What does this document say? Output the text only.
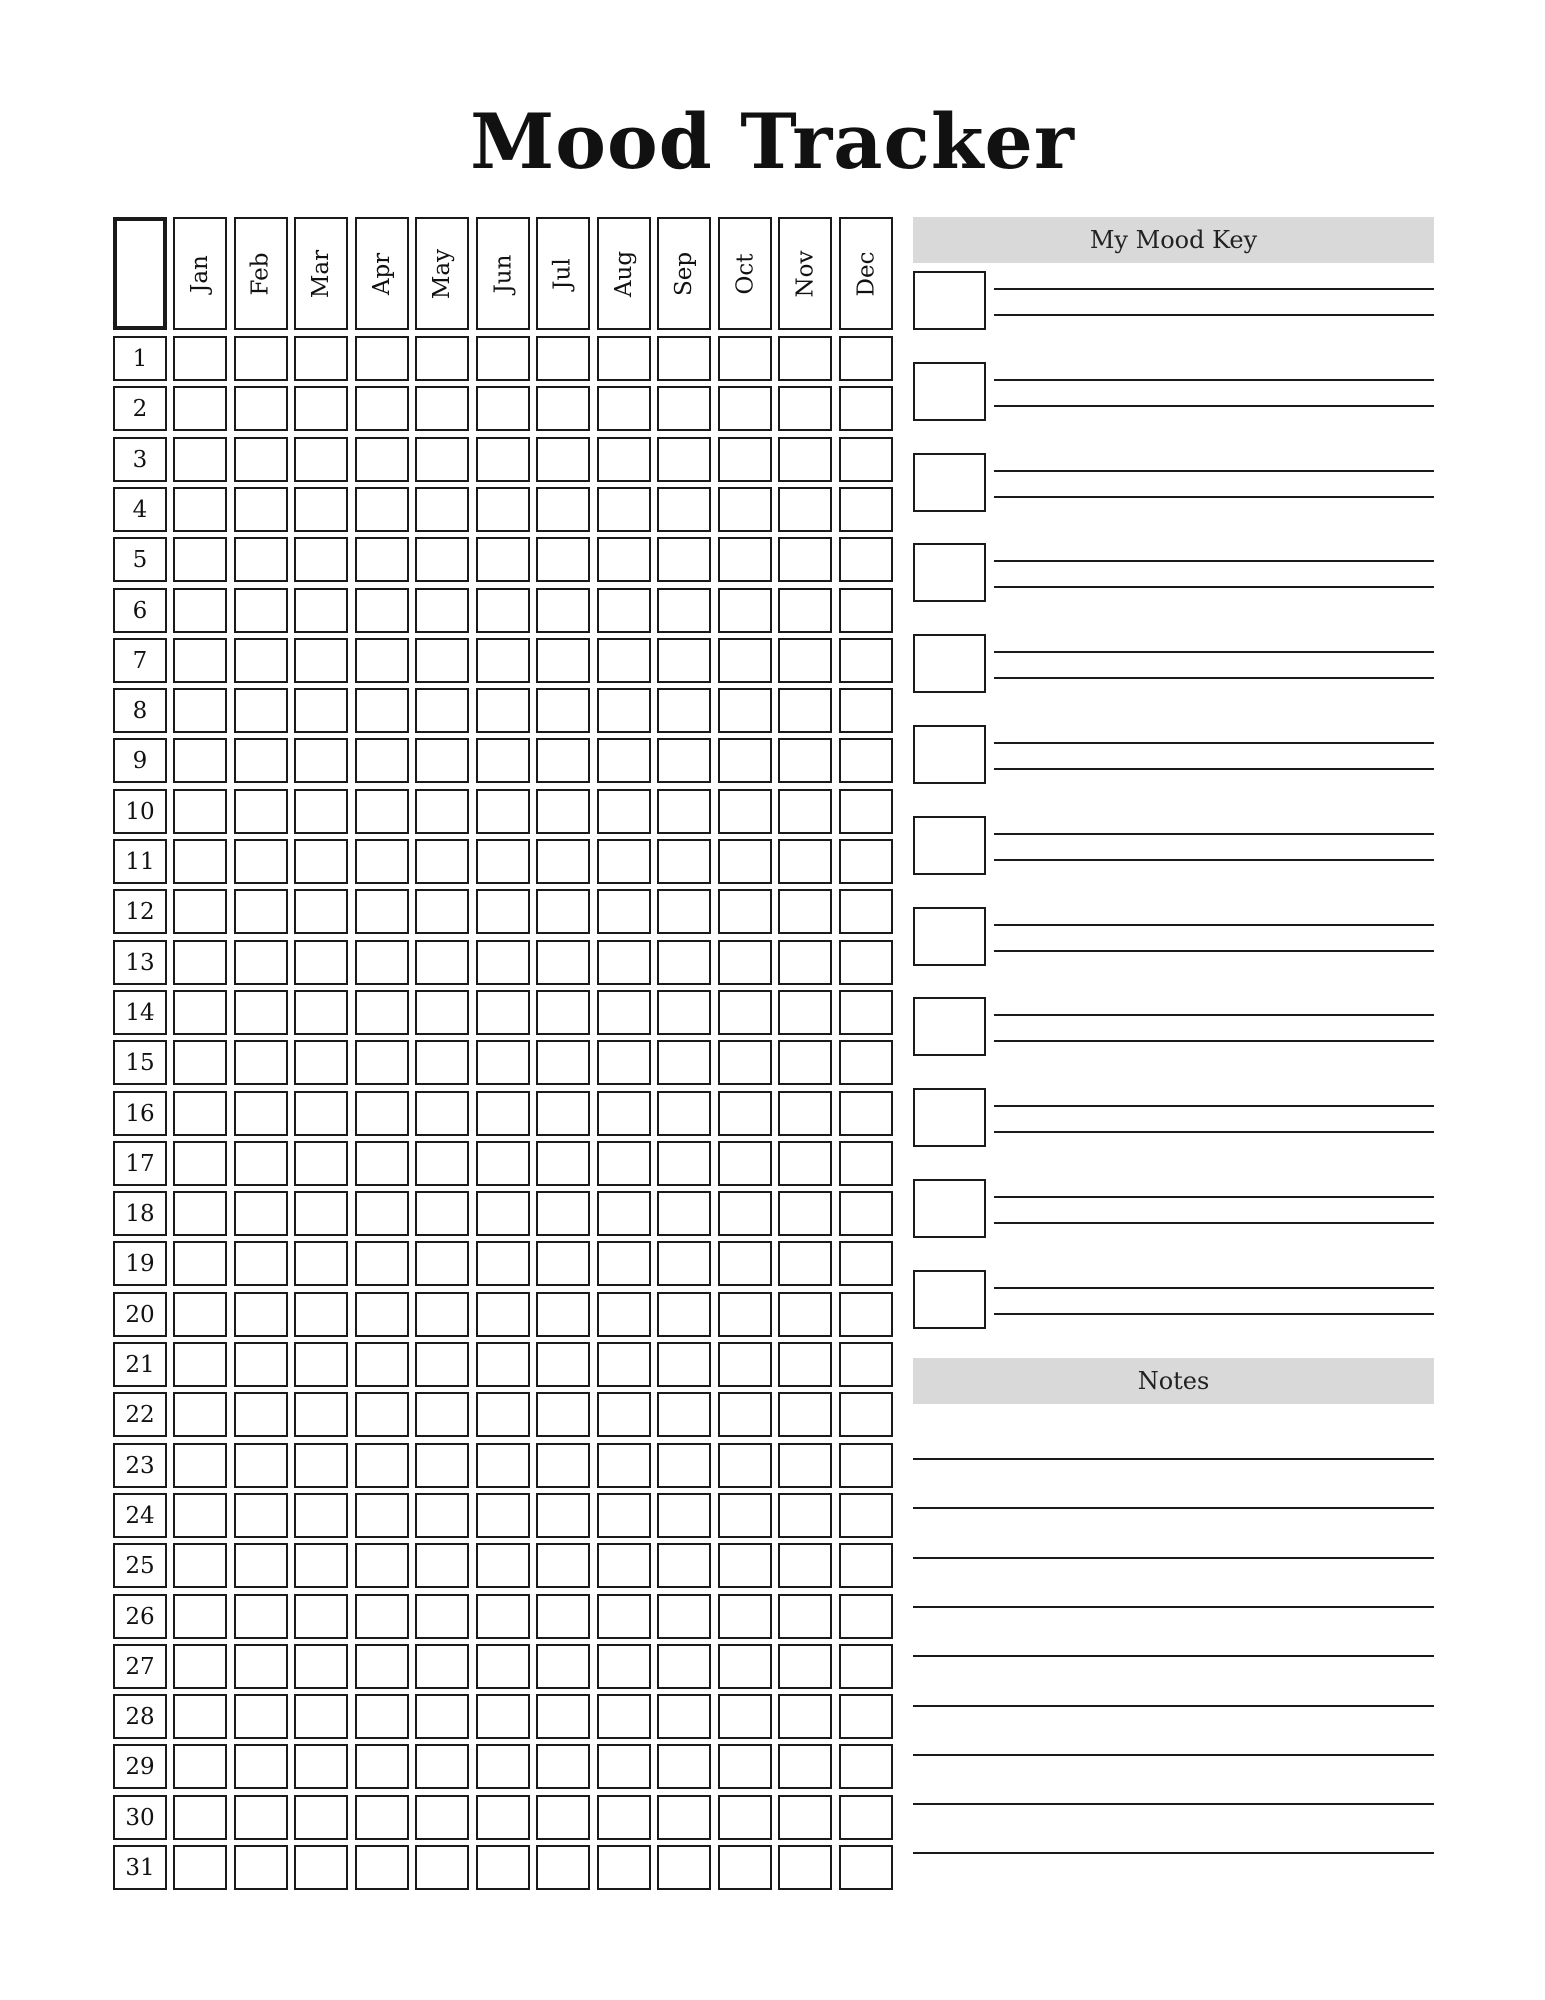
Mood Tracker
Jan Feb Mar Apr May Jun Jul Aug Sep Oct Nov Dec
1
2
3
4
5
6
7
8
9
10
11
12
13
14
15
16
17
18
19
20
21
22
23
24
25
26
27
28
29
30
31
My Mood Key
Notes
